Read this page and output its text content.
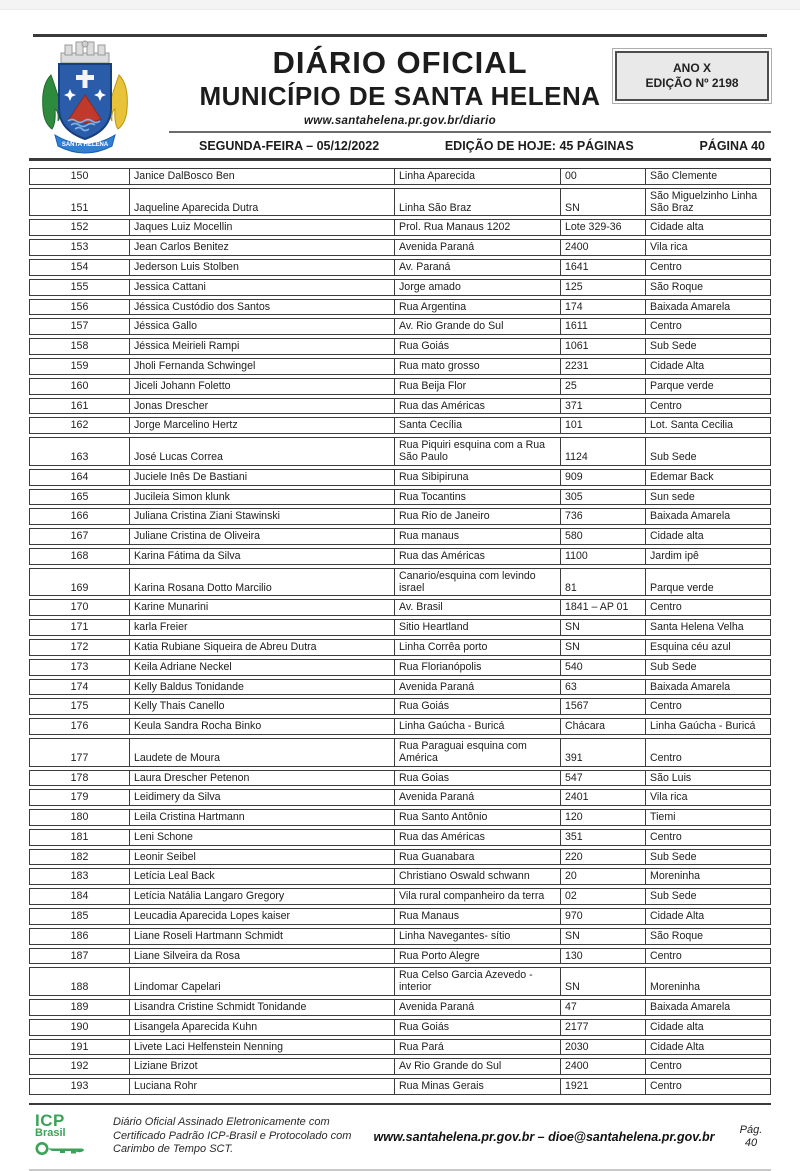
SANTA HELENA
DIÁRIO OFICIAL
MUNICÍPIO DE SANTA HELENA
www.santahelena.pr.gov.br/diario
ANO X
EDIÇÃO Nº 2198
SEGUNDA-FEIRA – 05/12/2022	EDIÇÃO DE HOJE: 45 PÁGINAS	PÁGINA 40
150	Janice DalBosco Ben	Linha Aparecida	00	São Clemente
151	Jaqueline Aparecida Dutra	Linha São Braz	SN	São Miguelzinho Linha São Braz
152	Jaques Luiz Mocellin	Prol. Rua Manaus 1202	Lote 329-36	Cidade alta
153	Jean Carlos Benitez	Avenida Paraná	2400	Vila rica
154	Jederson Luis Stolben	Av. Paraná	1641	Centro
155	Jessica Cattani	Jorge amado	125	São Roque
156	Jéssica Custódio dos Santos	Rua Argentina	174	Baixada Amarela
157	Jéssica Gallo	Av. Rio Grande do Sul	1611	Centro
158	Jéssica Meirieli Rampi	Rua Goiás	1061	Sub Sede
159	Jholi Fernanda Schwingel	Rua mato grosso	2231	Cidade Alta
160	Jiceli Johann Foletto	Rua Beija Flor	25	Parque verde
161	Jonas Drescher	Rua das Américas	371	Centro
162	Jorge Marcelino Hertz	Santa Cecília	101	Lot. Santa Cecilia
163	José Lucas Correa	Rua Piquiri esquina com a Rua São Paulo	1124	Sub Sede
164	Juciele Inês De Bastiani	Rua Sibipiruna	909	Edemar Back
165	Jucileia Simon klunk	Rua Tocantins	305	Sun sede
166	Juliana Cristina Ziani Stawinski	Rua Rio de Janeiro	736	Baixada Amarela
167	Juliane Cristina de Oliveira	Rua manaus	580	Cidade alta
168	Karina Fátima da Silva	Rua das Américas	1100	Jardim ipê
169	Karina Rosana Dotto Marcilio	Canario/esquina com levindo israel	81	Parque verde
170	Karine Munarini	Av. Brasil	1841 – AP 01	Centro
171	karla Freier	Sitio Heartland	SN	Santa Helena Velha
172	Katia Rubiane Siqueira de Abreu Dutra	Linha Corrêa porto	SN	Esquina céu azul
173	Keila Adriane Neckel	Rua Florianópolis	540	Sub Sede
174	Kelly Baldus Tonidande	Avenida Paraná	63	Baixada Amarela
175	Kelly Thais Canello	Rua Goiás	1567	Centro
176	Keula Sandra Rocha Binko	Linha Gaúcha - Buricá	Chácara	Linha Gaúcha - Buricá
177	Laudete de Moura	Rua Paraguai esquina com América	391	Centro
178	Laura Drescher Petenon	Rua Goias	547	São Luis
179	Leidimery da Silva	Avenida Paraná	2401	Vila rica
180	Leila Cristina Hartmann	Rua Santo Antônio	120	Tiemi
181	Leni Schone	Rua das Américas	351	Centro
182	Leonir Seibel	Rua Guanabara	220	Sub Sede
183	Letícia Leal Back	Christiano Oswald schwann	20	Moreninha
184	Letícia Natália Langaro Gregory	Vila rural companheiro da terra	02	Sub Sede
185	Leucadia Aparecida Lopes kaiser	Rua Manaus	970	Cidade Alta
186	Liane Roseli Hartmann Schmidt	Linha Navegantes- sítio	SN	São Roque
187	Liane Silveira da Rosa	Rua Porto Alegre	130	Centro
188	Lindomar Capelari	Rua Celso Garcia Azevedo - interior	SN	Moreninha
189	Lisandra Cristine Schmidt Tonidande	Avenida Paraná	47	Baixada Amarela
190	Lisangela Aparecida Kuhn	Rua Goiás	2177	Cidade alta
191	Livete Laci Helfenstein Nenning	Rua Pará	2030	Cidade Alta
192	Liziane Brizot	Av Rio Grande do Sul	2400	Centro
193	Luciana Rohr	Rua Minas Gerais	1921	Centro
ICP
Brasil
Diário Oficial Assinado Eletronicamente com Certificado Padrão ICP-Brasil e Protocolado com Carimbo de Tempo SCT.
www.santahelena.pr.gov.br – dioe@santahelena.pr.gov.br	Pág.
40
